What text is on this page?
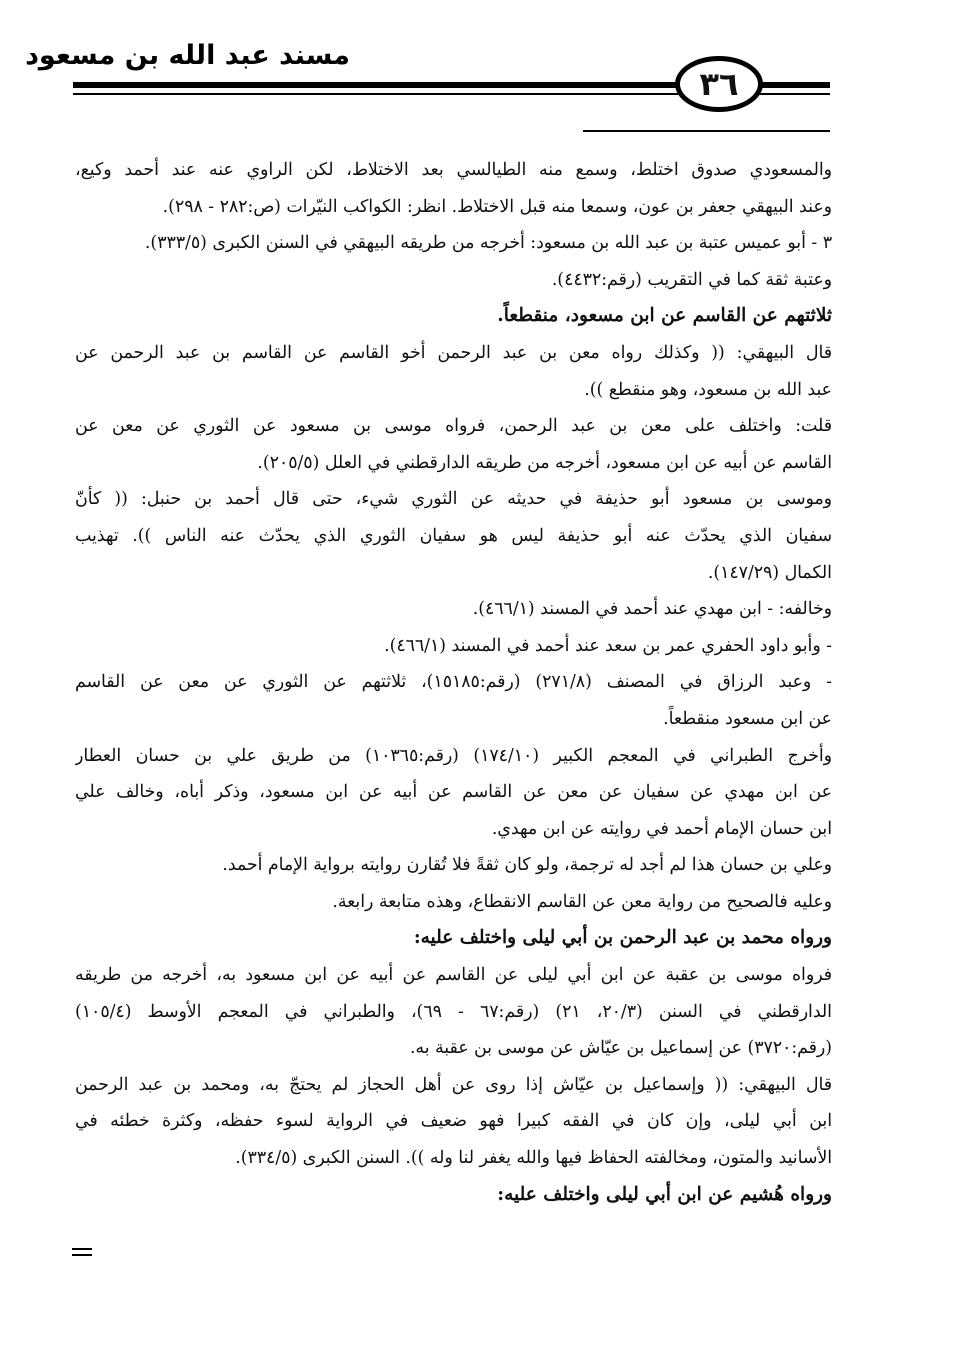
مسند عبد الله بن مسعود
٣٦
والمسعودي صدوق اختلط، وسمع منه الطيالسي بعد الاختلاط، لكن الراوي عنه عند أحمد وكيع،
وعند البيهقي جعفر بن عون، وسمعا منه قبل الاختلاط. انظر: الكواكب النيّرات (ص:٢٨٢ - ٢٩٨).
٣ - أبو عميس عتبة بن عبد الله بن مسعود: أخرجه من طريقه البيهقي في السنن الكبرى (٣٣٣/٥).
وعتبة ثقة كما في التقريب (رقم:٤٤٣٢).
ثلاثتهم عن القاسم عن ابن مسعود، منقطعاً.
قال البيهقي: (( وكذلك رواه معن بن عبد الرحمن أخو القاسم عن القاسم بن عبد الرحمن عن
عبد الله بن مسعود، وهو منقطع )).
قلت: واختلف على معن بن عبد الرحمن، فرواه موسى بن مسعود عن الثوري عن معن عن
القاسم عن أبيه عن ابن مسعود، أخرجه من طريقه الدارقطني في العلل (٢٠٥/٥).
وموسى بن مسعود أبو حذيفة في حديثه عن الثوري شيء، حتى قال أحمد بن حنبل: (( كأنّ
سفيان الذي يحدّث عنه أبو حذيفة ليس هو سفيان الثوري الذي يحدّث عنه الناس )). تهذيب
الكمال (١٤٧/٢٩).
وخالفه: - ابن مهدي عند أحمد في المسند (٤٦٦/١).
- وأبو داود الحفري عمر بن سعد عند أحمد في المسند (٤٦٦/١).
- وعبد الرزاق في المصنف (٢٧١/٨) (رقم:١٥١٨٥)، ثلاثتهم عن الثوري عن معن عن القاسم
عن ابن مسعود منقطعاً.
وأخرج الطبراني في المعجم الكبير (١٧٤/١٠) (رقم:١٠٣٦٥) من طريق علي بن حسان العطار
عن ابن مهدي عن سفيان عن معن عن القاسم عن أبيه عن ابن مسعود، وذكر أباه، وخالف علي
ابن حسان الإمام أحمد في روايته عن ابن مهدي.
وعلي بن حسان هذا لم أجد له ترجمة، ولو كان ثقةً فلا تُقارن روايته برواية الإمام أحمد.
وعليه فالصحيح من رواية معن عن القاسم الانقطاع، وهذه متابعة رابعة.
ورواه محمد بن عبد الرحمن بن أبي ليلى واختلف عليه:
فرواه موسى بن عقبة عن ابن أبي ليلى عن القاسم عن أبيه عن ابن مسعود به، أخرجه من طريقه
الدارقطني في السنن (٢٠/٣، ٢١) (رقم:٦٧ - ٦٩)، والطبراني في المعجم الأوسط (١٠٥/٤)
(رقم:٣٧٢٠) عن إسماعيل بن عيّاش عن موسى بن عقبة به.
قال البيهقي: (( وإسماعيل بن عيّاش إذا روى عن أهل الحجاز لم يحتجّ به، ومحمد بن عبد الرحمن
ابن أبي ليلى، وإن كان في الفقه كبيرا فهو ضعيف في الرواية لسوء حفظه، وكثرة خطئه في
الأسانيد والمتون، ومخالفته الحفاظ فيها والله يغفر لنا وله )). السنن الكبرى (٣٣٤/٥).
ورواه هُشيم عن ابن أبي ليلى واختلف عليه:
